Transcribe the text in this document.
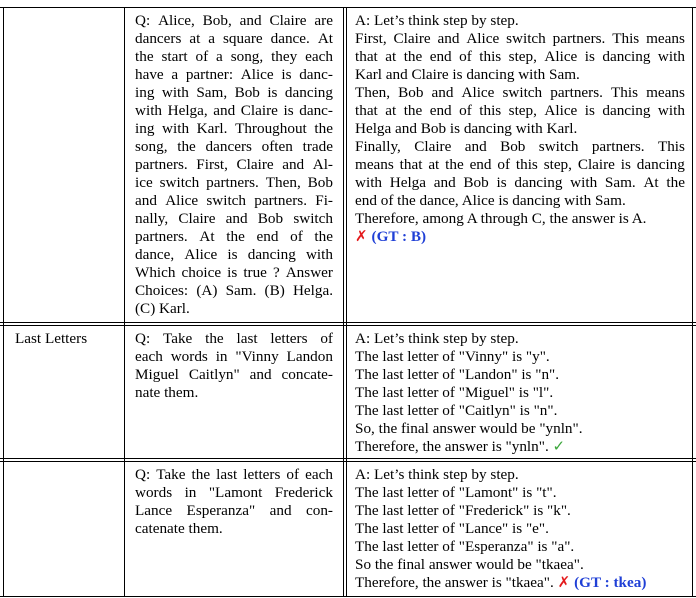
Q: Alice, Bob, and Claire are
dancers at a square dance. At
the start of a song, they each
have a partner: Alice is danc-
ing with Sam, Bob is dancing
with Helga, and Claire is danc-
ing with Karl. Throughout the
song, the dancers often trade
partners. First, Claire and Al-
ice switch partners. Then, Bob
and Alice switch partners. Fi-
nally, Claire and Bob switch
partners. At the end of the
dance, Alice is dancing with
Which choice is true ? Answer
Choices: (A) Sam. (B) Helga.
(C) Karl.
A: Let’s think step by step.
First, Claire and Alice switch partners. This means
that at the end of this step, Alice is dancing with
Karl and Claire is dancing with Sam.
Then, Bob and Alice switch partners. This means
that at the end of this step, Alice is dancing with
Helga and Bob is dancing with Karl.
Finally, Claire and Bob switch partners. This
means that at the end of this step, Claire is dancing
with Helga and Bob is dancing with Sam. At the
end of the dance, Alice is dancing with Sam.
Therefore, among A through C, the answer is A.
✗ (GT : B)
Last Letters	Q: Take the last letters of
each words in "Vinny Landon
Miguel Caitlyn" and concate-
nate them.
A: Let’s think step by step.
The last letter of "Vinny" is "y".
The last letter of "Landon" is "n".
The last letter of "Miguel" is "l".
The last letter of "Caitlyn" is "n".
So, the final answer would be "ynln".
Therefore, the answer is "ynln". ✓
Q: Take the last letters of each
words in "Lamont Frederick
Lance Esperanza" and con-
catenate them.
A: Let’s think step by step.
The last letter of "Lamont" is "t".
The last letter of "Frederick" is "k".
The last letter of "Lance" is "e".
The last letter of "Esperanza" is "a".
So the final answer would be "tkaea".
Therefore, the answer is "tkaea". ✗ (GT : tkea)
